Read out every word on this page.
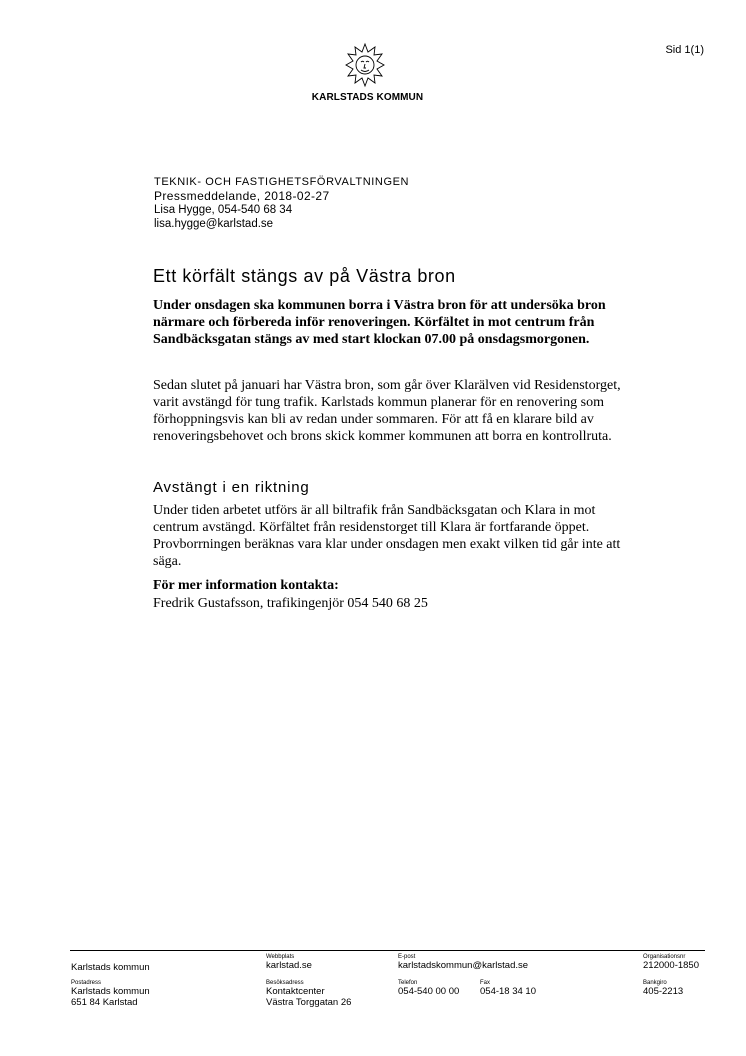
Sid 1(1)
KARLSTADS KOMMUN
TEKNIK- OCH FASTIGHETSFÖRVALTNINGEN
Pressmeddelande, 2018-02-27
Lisa Hygge, 054-540 68 34
lisa.hygge@karlstad.se
Ett körfält stängs av på Västra bron
Under onsdagen ska kommunen borra i Västra bron för att undersöka bron närmare och förbereda inför renoveringen. Körfältet in mot centrum från Sandbäcksgatan stängs av med start klockan 07.00 på onsdagsmorgonen.
Sedan slutet på januari har Västra bron, som går över Klarälven vid Residenstorget, varit avstängd för tung trafik. Karlstads kommun planerar för en renovering som förhoppningsvis kan bli av redan under sommaren. För att få en klarare bild av renoveringsbehovet och brons skick kommer kommunen att borra en kontrollruta.
Avstängt i en riktning
Under tiden arbetet utförs är all biltrafik från Sandbäcksgatan och Klara in mot centrum avstängd. Körfältet från residenstorget till Klara är fortfarande öppet. Provborrningen beräknas vara klar under onsdagen men exakt vilken tid går inte att säga.
För mer information kontakta:
Fredrik Gustafsson, trafikingenjör 054 540 68 25
Karlstads kommun
Webbplats
karlstad.se
E-post
karlstadskommun@karlstad.se
Organisationsnr
212000-1850
Postadress
Karlstads kommun
651 84 Karlstad
Besöksadress
Kontaktcenter
Västra Torggatan 26
Telefon
054-540 00 00
Fax
054-18 34 10
Bankgiro
405-2213
